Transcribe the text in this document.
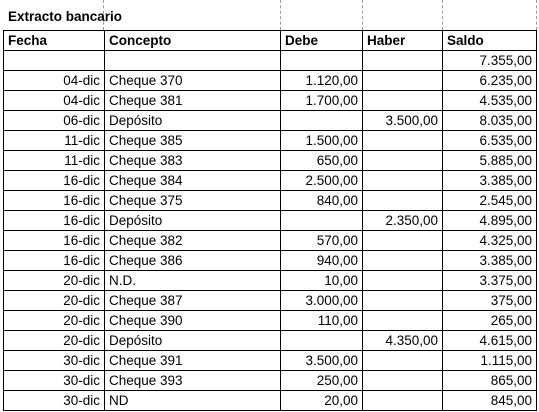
Extracto bancario
Fecha	Concepto	Debe	Haber	Saldo
				7.355,00
04-dic	Cheque 370	1.120,00		6.235,00
04-dic	Cheque 381	1.700,00		4.535,00
06-dic	Depósito		3.500,00	8.035,00
11-dic	Cheque 385	1.500,00		6.535,00
11-dic	Cheque 383	650,00		5.885,00
16-dic	Cheque 384	2.500,00		3.385,00
16-dic	Cheque 375	840,00		2.545,00
16-dic	Depósito		2.350,00	4.895,00
16-dic	Cheque 382	570,00		4.325,00
16-dic	Cheque 386	940,00		3.385,00
20-dic	N.D.	10,00		3.375,00
20-dic	Cheque 387	3.000,00		375,00
20-dic	Cheque 390	110,00		265,00
20-dic	Depósito		4.350,00	4.615,00
30-dic	Cheque 391	3.500,00		1.115,00
30-dic	Cheque 393	250,00		865,00
30-dic	ND	20,00		845,00
